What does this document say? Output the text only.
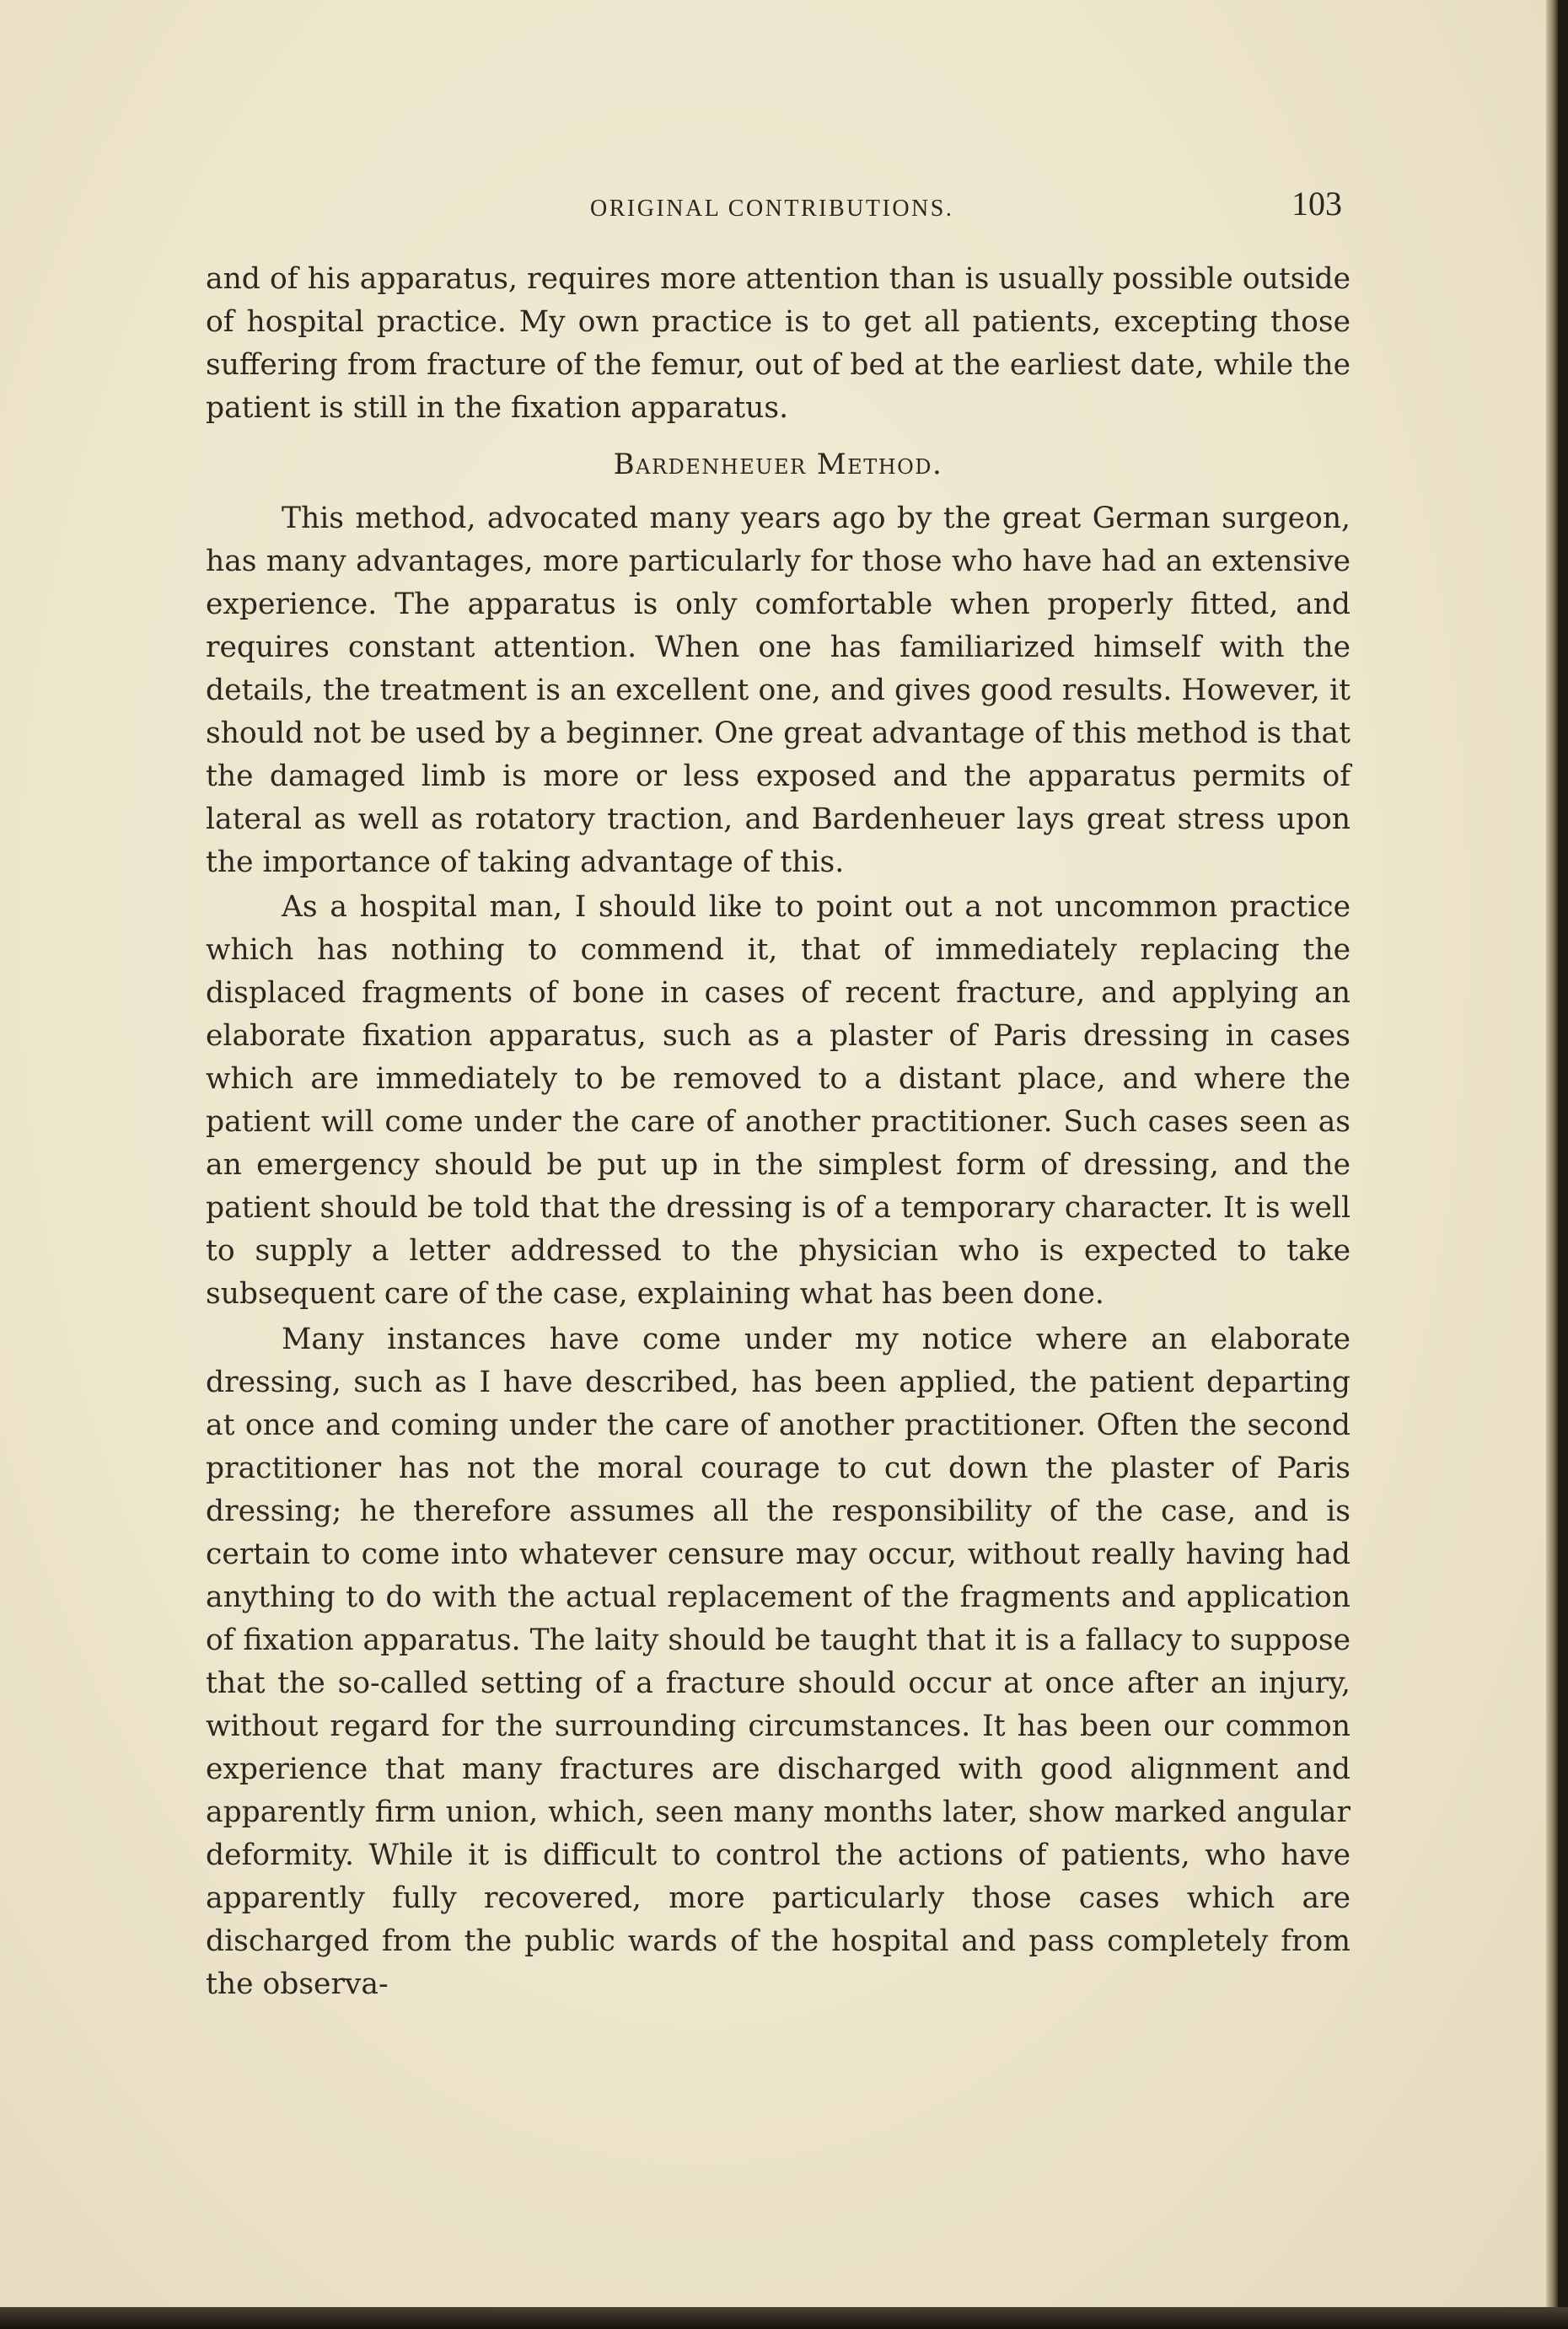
ORIGINAL CONTRIBUTIONS.	103

and of his apparatus, requires more attention than is usually possible outside of hospital practice. My own practice is to get all patients, excepting those suffering from fracture of the femur, out of bed at the earliest date, while the patient is still in the fixation apparatus.

Bardenheuer Method.

This method, advocated many years ago by the great German surgeon, has many advantages, more particularly for those who have had an extensive experience. The apparatus is only comfortable when properly fitted, and requires constant attention. When one has familiarized himself with the details, the treatment is an excellent one, and gives good results. However, it should not be used by a beginner. One great advantage of this method is that the damaged limb is more or less exposed and the apparatus permits of lateral as well as rotatory traction, and Bardenheuer lays great stress upon the importance of taking advantage of this.

As a hospital man, I should like to point out a not uncommon practice which has nothing to commend it, that of immediately replacing the displaced fragments of bone in cases of recent fracture, and applying an elaborate fixation apparatus, such as a plaster of Paris dressing in cases which are immediately to be removed to a distant place, and where the patient will come under the care of another practitioner. Such cases seen as an emergency should be put up in the simplest form of dressing, and the patient should be told that the dressing is of a temporary character. It is well to supply a letter addressed to the physician who is expected to take subsequent care of the case, explaining what has been done.

Many instances have come under my notice where an elaborate dressing, such as I have described, has been applied, the patient departing at once and coming under the care of another practitioner. Often the second practitioner has not the moral courage to cut down the plaster of Paris dressing; he therefore assumes all the responsibility of the case, and is certain to come into whatever censure may occur, without really having had anything to do with the actual replacement of the fragments and application of fixation apparatus. The laity should be taught that it is a fallacy to suppose that the so-called setting of a fracture should occur at once after an injury, without regard for the surrounding circumstances. It has been our common experience that many fractures are discharged with good alignment and apparently firm union, which, seen many months later, show marked angular deformity. While it is difficult to control the actions of patients, who have apparently fully recovered, more particularly those cases which are discharged from the public wards of the hospital and pass completely from the observa-
